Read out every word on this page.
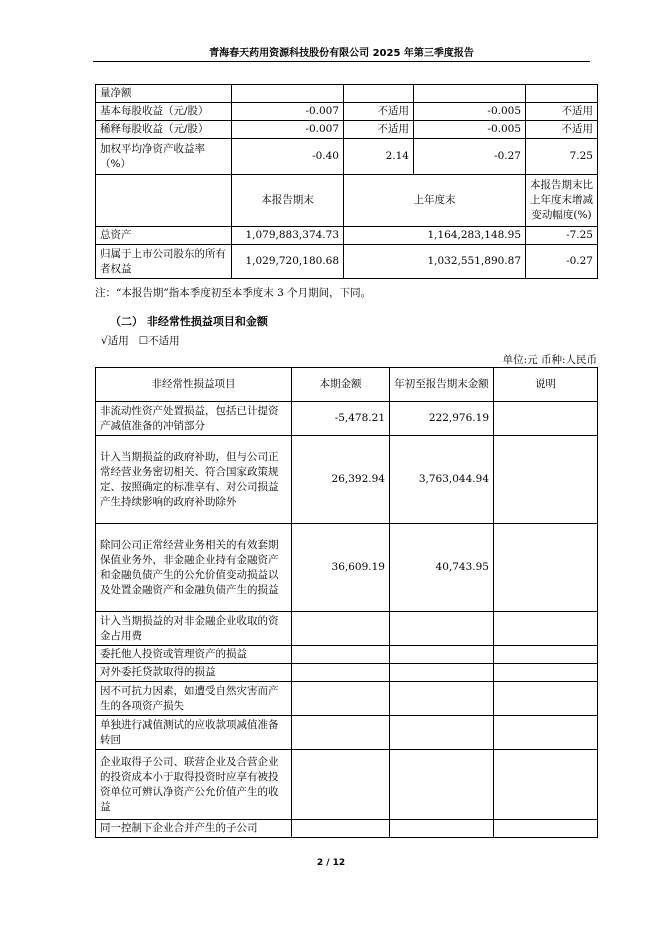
青海春天药用资源科技股份有限公司 2025 年第三季度报告
量净额				
基本每股收益（元/股）	-0.007	不适用	-0.005	不适用
稀释每股收益（元/股）	-0.007	不适用	-0.005	不适用
加权平均净资产收益率（%）	-0.40	2.14	-0.27	7.25
	本报告期末	上年度末		本报告期末比上年度末增减变动幅度(%)
总资产	1,079,883,374.73	1,164,283,148.95		-7.25
归属于上市公司股东的所有者权益	1,029,720,180.68	1,032,551,890.87		-0.27
注：“本报告期”指本季度初至本季度末 3 个月期间，下同。
（二） 非经常性损益项目和金额
√适用 ☐不适用
单位:元 币种:人民币
非经常性损益项目	本期金额	年初至报告期末金额	说明
非流动性资产处置损益，包括已计提资产减值准备的冲销部分	-5,478.21	222,976.19	
计入当期损益的政府补助，但与公司正常经营业务密切相关、符合国家政策规定、按照确定的标准享有、对公司损益产生持续影响的政府补助除外	26,392.94	3,763,044.94	
除同公司正常经营业务相关的有效套期保值业务外，非金融企业持有金融资产和金融负债产生的公允价值变动损益以及处置金融资产和金融负债产生的损益	36,609.19	40,743.95	
计入当期损益的对非金融企业收取的资金占用费			
委托他人投资或管理资产的损益			
对外委托贷款取得的损益			
因不可抗力因素，如遭受自然灾害而产生的各项资产损失			
单独进行减值测试的应收款项减值准备转回			
企业取得子公司、联营企业及合营企业的投资成本小于取得投资时应享有被投资单位可辨认净资产公允价值产生的收益			
同一控制下企业合并产生的子公司			
2 / 12
